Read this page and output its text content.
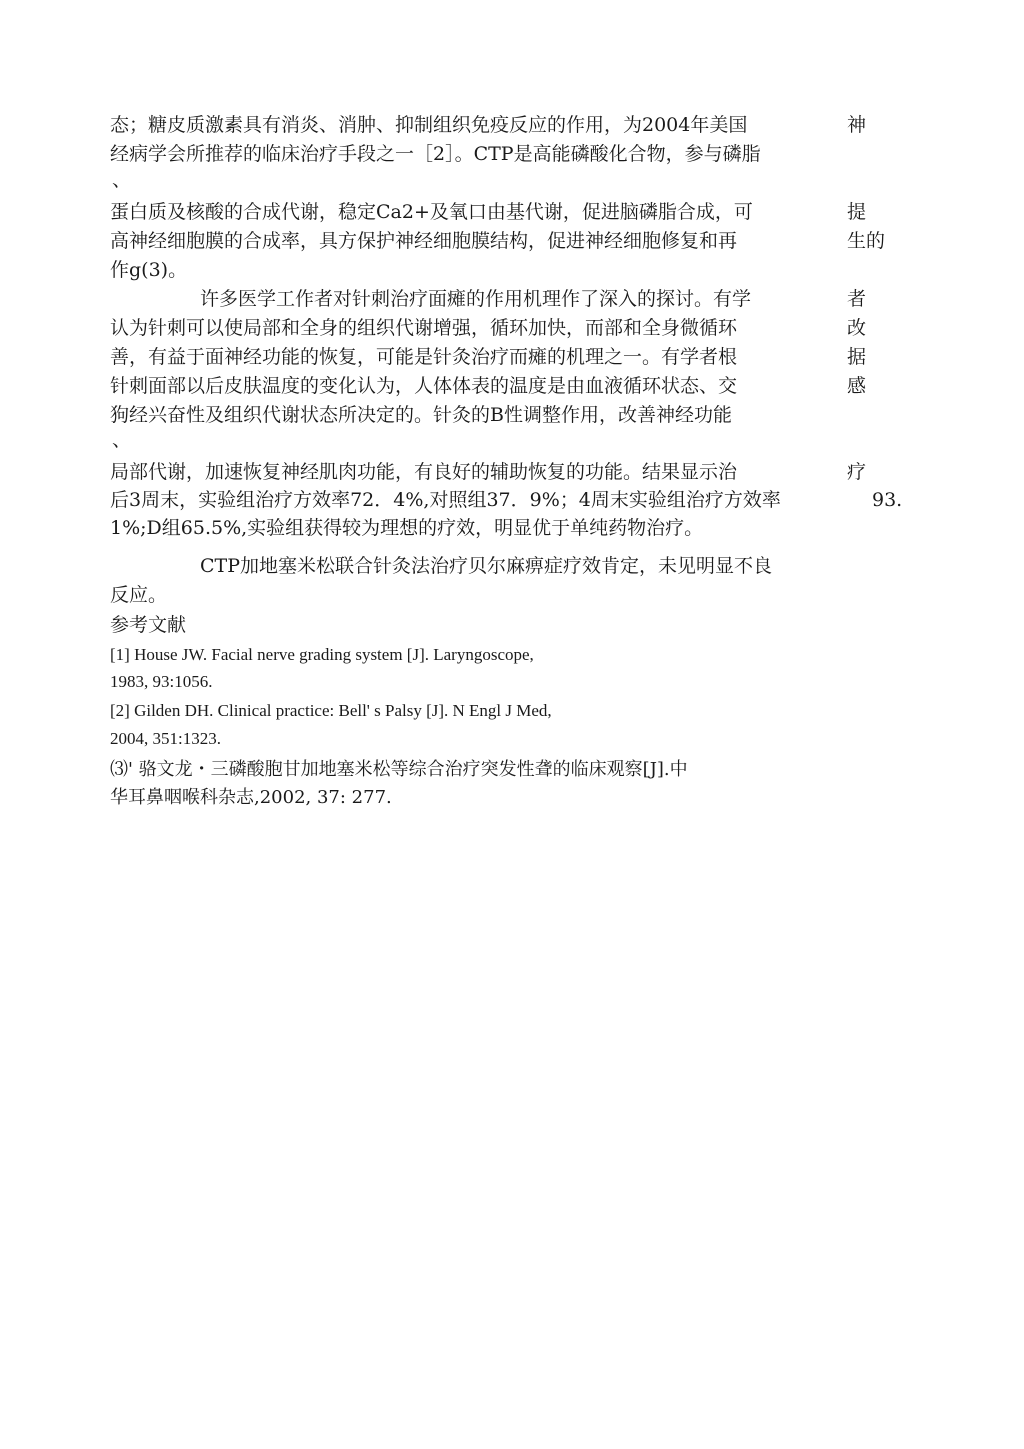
态；糖皮质激素具有消炎、消肿、抑制组织免疫反应的作用，为2004年美国
经病学会所推荐的临床治疗手段之一［2］。CTP是高能磷酸化合物，参与磷脂
、
蛋白质及核酸的合成代谢，稳定Ca2+及氧口由基代谢，促进脑磷脂合成，可
高神经细胞膜的合成率，具方保护神经细胞膜结构，促进神经细胞修复和再
作g(3)。
神
提
生的
许多医学工作者对针刺治疗面瘫的作用机理作了深入的探讨。有学
认为针刺可以使局部和全身的组织代谢增强，循环加快，而部和全身微循环
善，有益于面神经功能的恢复，可能是针灸治疗而瘫的机理之一。有学者根
针刺面部以后皮肤温度的变化认为，人体体表的温度是由血液循环状态、交
狗经兴奋性及组织代谢状态所决定的。针灸的B性调整作用，改善神经功能
、
局部代谢，加速恢复神经肌肉功能，有良好的辅助恢复的功能。结果显示治
后3周末，实验组治疗方效率72．4%,对照组37．9%；4周末实验组治疗方效率
1%;D组65.5%,实验组获得较为理想的疗效，明显优于单纯药物治疗。
者
改
据
感
疗
93.
CTP加地塞米松联合针灸法治疗贝尔麻痹症疗效肯定，未见明显不良
反应。
参考文献
[1] House JW. Facial nerve grading system [J]. Laryngoscope,
1983, 93:1056.
[2] Gilden DH. Clinical practice: Bell' s Palsy [J]. N Engl J Med,
2004, 351:1323.
⑶' 骆文龙・三磷酸胞甘加地塞米松等综合治疗突发性聋的临床观察[J].中
华耳鼻咽喉科杂志,2002, 37: 277.
